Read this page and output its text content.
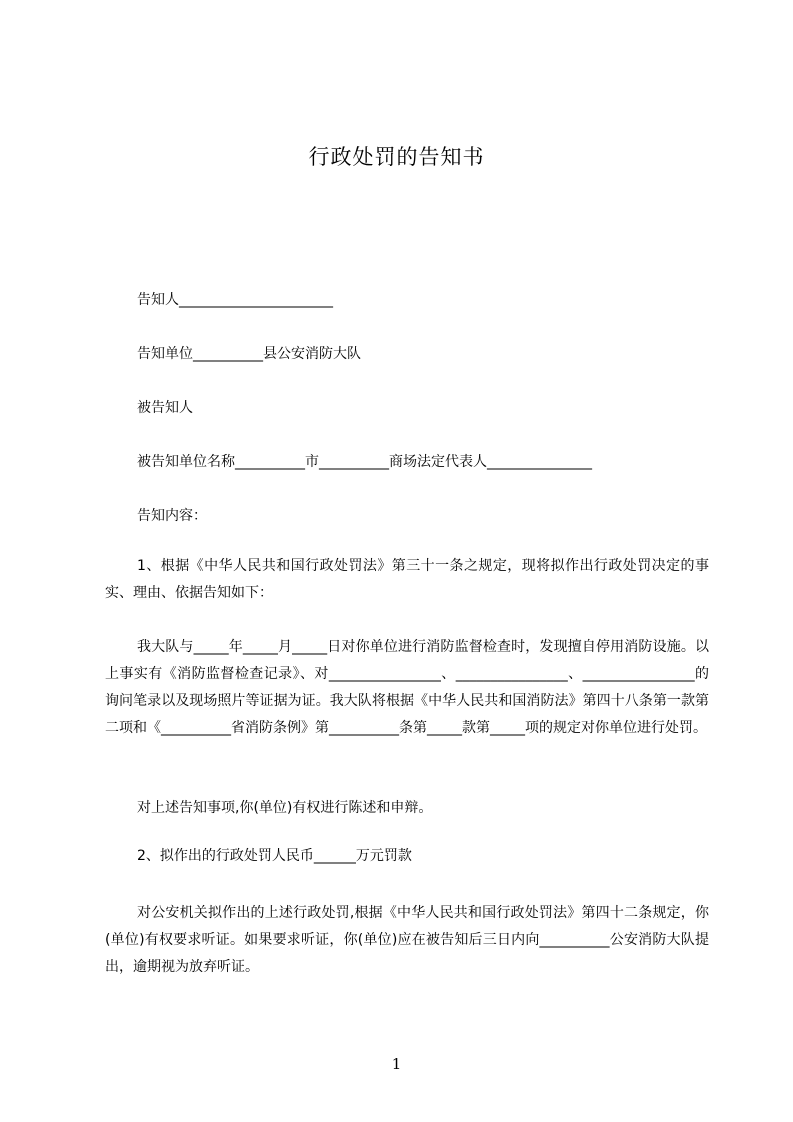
行政处罚的告知书
告知人______________________
告知单位__________县公安消防大队
被告知人
被告知单位名称__________市__________商场法定代表人_______________
告知内容：
1、根据《中华人民共和国行政处罚法》第三十一条之规定，现将拟作出行政处罚决定的事实、理由、依据告知如下：
我大队与_____年_____月_____日对你单位进行消防监督检查时，发现擅自停用消防设施。以上事实有《消防监督检查记录》、对________________、________________、________________的询问笔录以及现场照片等证据为证。我大队将根据《中华人民共和国消防法》第四十八条第一款第二项和《__________省消防条例》第__________条第_____款第_____项的规定对你单位进行处罚。
对上述告知事项,你(单位)有权进行陈述和申辩。
2、拟作出的行政处罚人民币______万元罚款
对公安机关拟作出的上述行政处罚,根据《中华人民共和国行政处罚法》第四十二条规定，你(单位)有权要求听证。如果要求听证，你(单位)应在被告知后三日内向__________公安消防大队提出，逾期视为放弃听证。
1
